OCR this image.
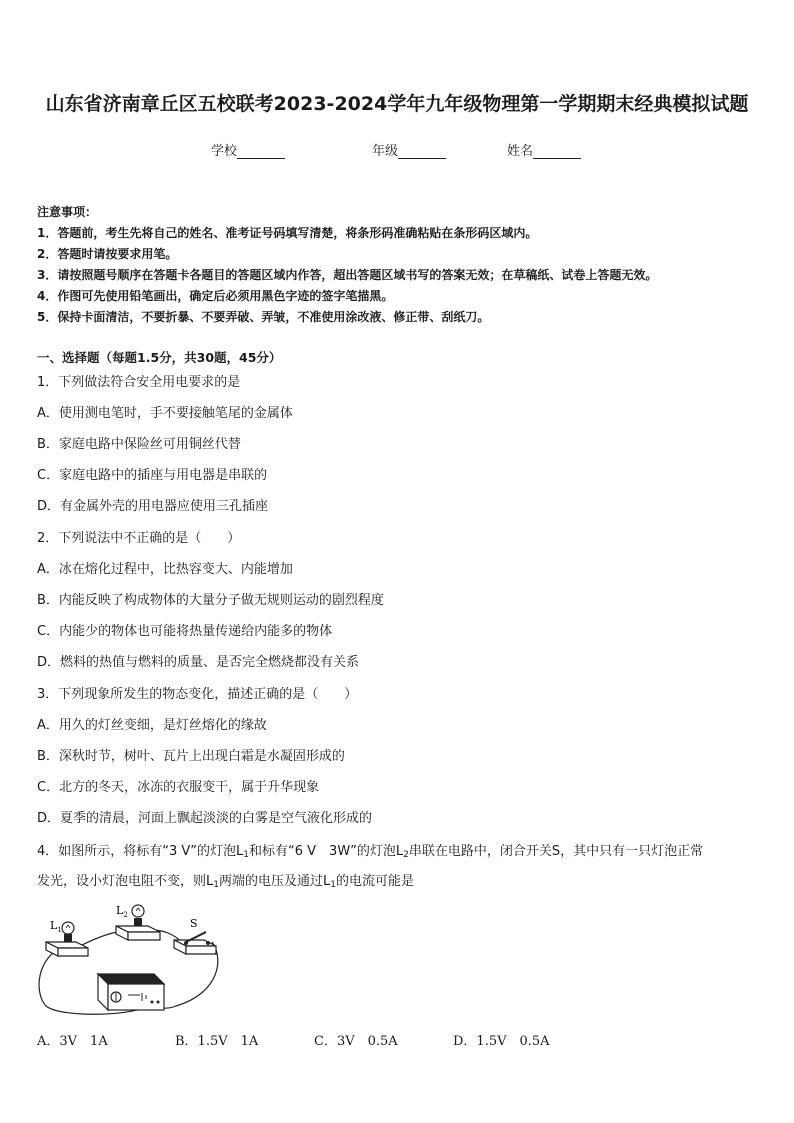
山东省济南章丘区五校联考2023-2024学年九年级物理第一学期期末经典模拟试题
学校	年级	姓名
注意事项：
1．答题前，考生先将自己的姓名、准考证号码填写清楚，将条形码准确粘贴在条形码区域内。
2．答题时请按要求用笔。
3．请按照题号顺序在答题卡各题目的答题区域内作答，超出答题区域书写的答案无效；在草稿纸、试卷上答题无效。
4．作图可先使用铅笔画出，确定后必须用黑色字迹的签字笔描黑。
5．保持卡面清洁，不要折暴、不要弄破、弄皱，不准使用涂改液、修正带、刮纸刀。
一、选择题（每题1.5分，共30题，45分）
1．下列做法符合安全用电要求的是
A．使用测电笔时，手不要接触笔尾的金属体
B．家庭电路中保险丝可用铜丝代替
C．家庭电路中的插座与用电器是串联的
D．有金属外壳的用电器应使用三孔插座
2．下列说法中不正确的是（　　）
A．冰在熔化过程中，比热容变大、内能增加
B．内能反映了构成物体的大量分子做无规则运动的剧烈程度
C．内能少的物体也可能将热量传递给内能多的物体
D．燃料的热值与燃料的质量、是否完全燃烧都没有关系
3．下列现象所发生的物态变化，描述正确的是（　　）
A．用久的灯丝变细，是灯丝熔化的缘故
B．深秋时节，树叶、瓦片上出现白霜是水凝固形成的
C．北方的冬天，冰冻的衣服变干，属于升华现象
D．夏季的清晨，河面上飘起淡淡的白雾是空气液化形成的
4．如图所示，将标有“3 V”的灯泡$L_1$和标有“6 V　3W”的灯泡$L_2$串联在电路中，闭合开关S，其中只有一只灯泡正常
发光，设小灯泡电阻不变，则$L_1$两端的电压及通过$L_1$的电流可能是
$L_1$
$L_2$
S
A．3V　1A	B．1.5V　1A	C．3V　0.5A	D．1.5V　0.5A
